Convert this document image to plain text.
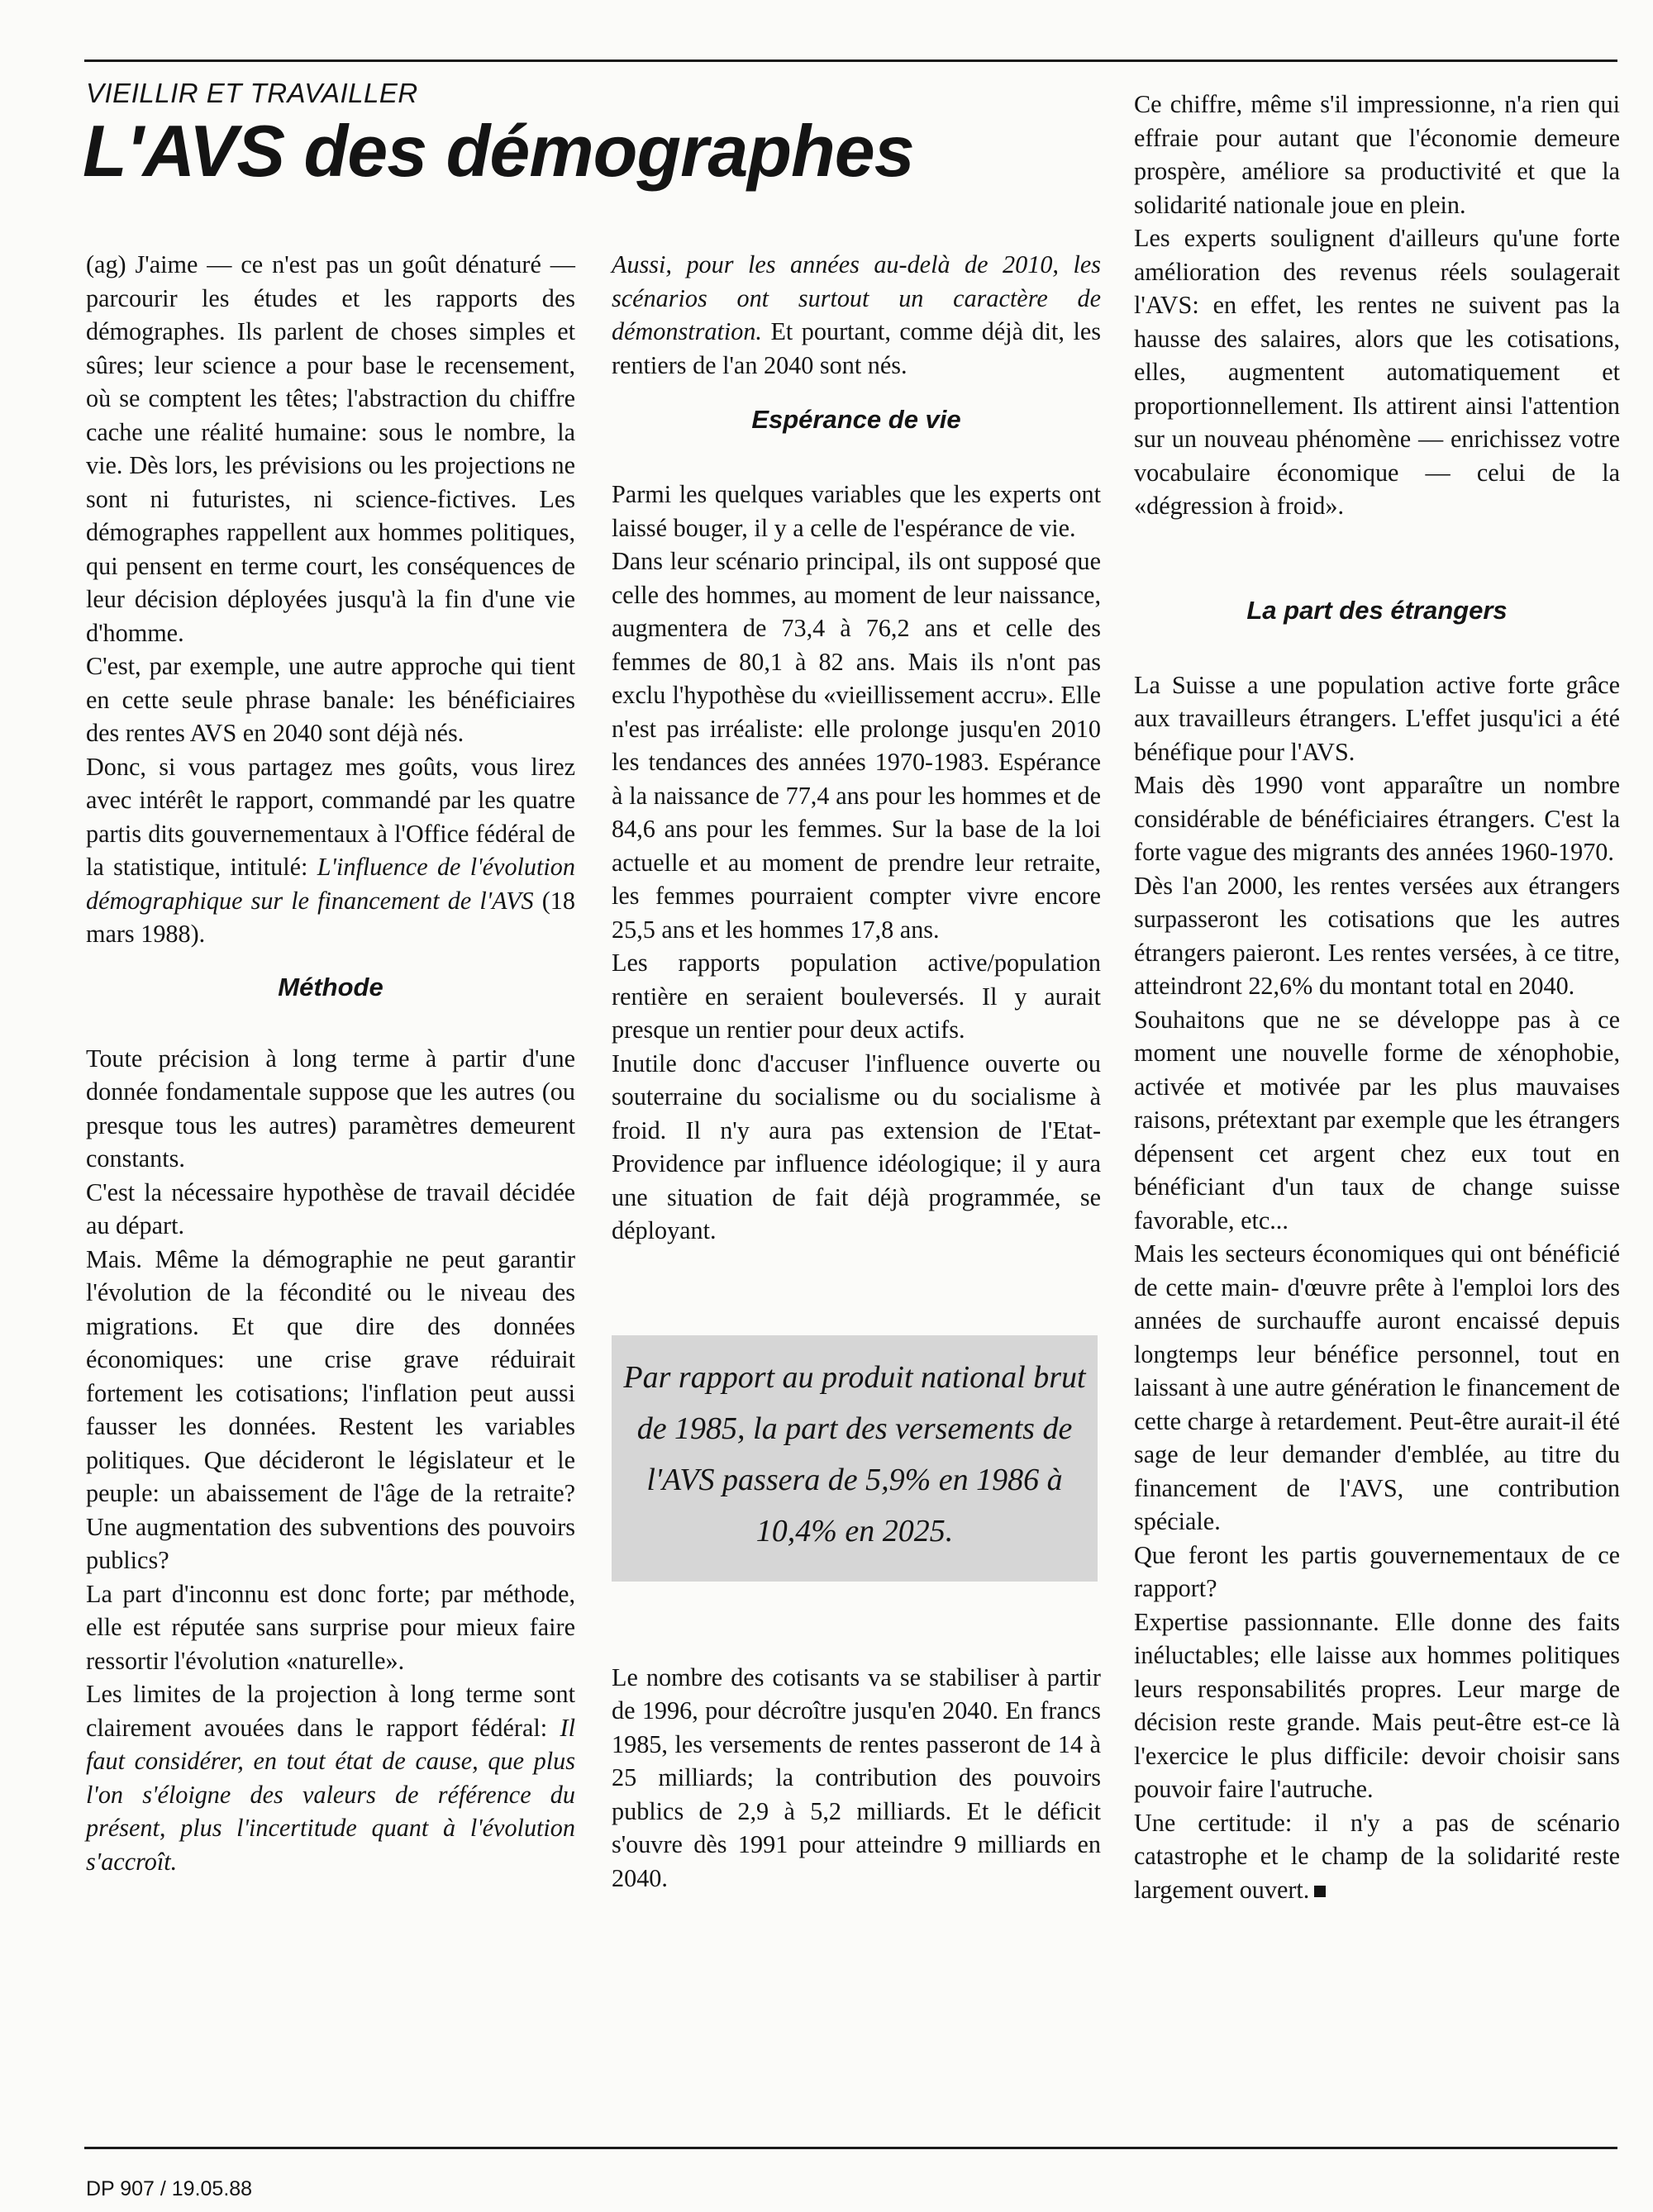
VIEILLIR ET TRAVAILLER
L'AVS des démographes

(ag) J'aime — ce n'est pas un goût dénaturé — parcourir les études et les rapports des démographes. Ils parlent de choses simples et sûres; leur science a pour base le recensement, où se comptent les têtes; l'abstraction du chiffre cache une réalité humaine: sous le nombre, la vie. Dès lors, les prévisions ou les projections ne sont ni futuristes, ni science-fictives. Les démographes rappellent aux hommes politiques, qui pensent en terme court, les conséquences de leur décision déployées jusqu'à la fin d'une vie d'homme.

C'est, par exemple, une autre approche qui tient en cette seule phrase banale: les bénéficiaires des rentes AVS en 2040 sont déjà nés.

Donc, si vous partagez mes goûts, vous lirez avec intérêt le rapport, commandé par les quatre partis dits gouvernementaux à l'Office fédéral de la statistique, intitulé: L'influence de l'évolution démographique sur le financement de l'AVS (18 mars 1988).

Méthode

Toute précision à long terme à partir d'une donnée fondamentale suppose que les autres (ou presque tous les autres) paramètres demeurent constants.

C'est la nécessaire hypothèse de travail décidée au départ.

Mais. Même la démographie ne peut garantir l'évolution de la fécondité ou le niveau des migrations. Et que dire des données économiques: une crise grave réduirait fortement les cotisations; l'inflation peut aussi fausser les données. Restent les variables politiques. Que décideront le législateur et le peuple: un abaissement de l'âge de la retraite? Une augmentation des subventions des pouvoirs publics?

La part d'inconnu est donc forte; par méthode, elle est réputée sans surprise pour mieux faire ressortir l'évolution «naturelle».

Les limites de la projection à long terme sont clairement avouées dans le rapport fédéral: Il faut considérer, en tout état de cause, que plus l'on s'éloigne des valeurs de référence du présent, plus l'incertitude quant à l'évolution s'accroît.

Aussi, pour les années au-delà de 2010, les scénarios ont surtout un caractère de démonstration. Et pourtant, comme déjà dit, les rentiers de l'an 2040 sont nés.

Espérance de vie

Parmi les quelques variables que les experts ont laissé bouger, il y a celle de l'espérance de vie.

Dans leur scénario principal, ils ont supposé que celle des hommes, au moment de leur naissance, augmentera de 73,4 à 76,2 ans et celle des femmes de 80,1 à 82 ans. Mais ils n'ont pas exclu l'hypothèse du «vieillissement accru». Elle n'est pas irréaliste: elle prolonge jusqu'en 2010 les tendances des années 1970-1983. Espérance à la naissance de 77,4 ans pour les hommes et de 84,6 ans pour les femmes. Sur la base de la loi actuelle et au moment de prendre leur retraite, les femmes pourraient compter vivre encore 25,5 ans et les hommes 17,8 ans.

Les rapports population active/population rentière en seraient bouleversés. Il y aurait presque un rentier pour deux actifs.

Inutile donc d'accuser l'influence ouverte ou souterraine du socialisme ou du socialisme à froid. Il n'y aura pas extension de l'Etat-Providence par influence idéologique; il y aura une situation de fait déjà programmée, se déployant.

Par rapport au produit national brut de 1985, la part des versements de l'AVS passera de 5,9% en 1986 à 10,4% en 2025.

Le nombre des cotisants va se stabiliser à partir de 1996, pour décroître jusqu'en 2040. En francs 1985, les versements de rentes passeront de 14 à 25 milliards; la contribution des pouvoirs publics de 2,9 à 5,2 milliards. Et le déficit s'ouvre dès 1991 pour atteindre 9 milliards en 2040.

Ce chiffre, même s'il impressionne, n'a rien qui effraie pour autant que l'économie demeure prospère, améliore sa productivité et que la solidarité nationale joue en plein.

Les experts soulignent d'ailleurs qu'une forte amélioration des revenus réels soulagerait l'AVS: en effet, les rentes ne suivent pas la hausse des salaires, alors que les cotisations, elles, augmentent automatiquement et proportionnellement. Ils attirent ainsi l'attention sur un nouveau phénomène — enrichissez votre vocabulaire économique — celui de la «dégression à froid».

La part des étrangers

La Suisse a une population active forte grâce aux travailleurs étrangers. L'effet jusqu'ici a été bénéfique pour l'AVS.

Mais dès 1990 vont apparaître un nombre considérable de bénéficiaires étrangers. C'est la forte vague des migrants des années 1960-1970.

Dès l'an 2000, les rentes versées aux étrangers surpasseront les cotisations que les autres étrangers paieront. Les rentes versées, à ce titre, atteindront 22,6% du montant total en 2040.

Souhaitons que ne se développe pas à ce moment une nouvelle forme de xénophobie, activée et motivée par les plus mauvaises raisons, prétextant par exemple que les étrangers dépensent cet argent chez eux tout en bénéficiant d'un taux de change suisse favorable, etc...

Mais les secteurs économiques qui ont bénéficié de cette main- d'œuvre prête à l'emploi lors des années de surchauffe auront encaissé depuis longtemps leur bénéfice personnel, tout en laissant à une autre génération le financement de cette charge à retardement. Peut-être aurait-il été sage de leur demander d'emblée, au titre du financement de l'AVS, une contribution spéciale.

Que feront les partis gouvernementaux de ce rapport?

Expertise passionnante. Elle donne des faits inéluctables; elle laisse aux hommes politiques leurs responsabilités propres. Leur marge de décision reste grande. Mais peut-être est-ce là l'exercice le plus difficile: devoir choisir sans pouvoir faire l'autruche.

Une certitude: il n'y a pas de scénario catastrophe et le champ de la solidarité reste largement ouvert.

DP 907 / 19.05.88
